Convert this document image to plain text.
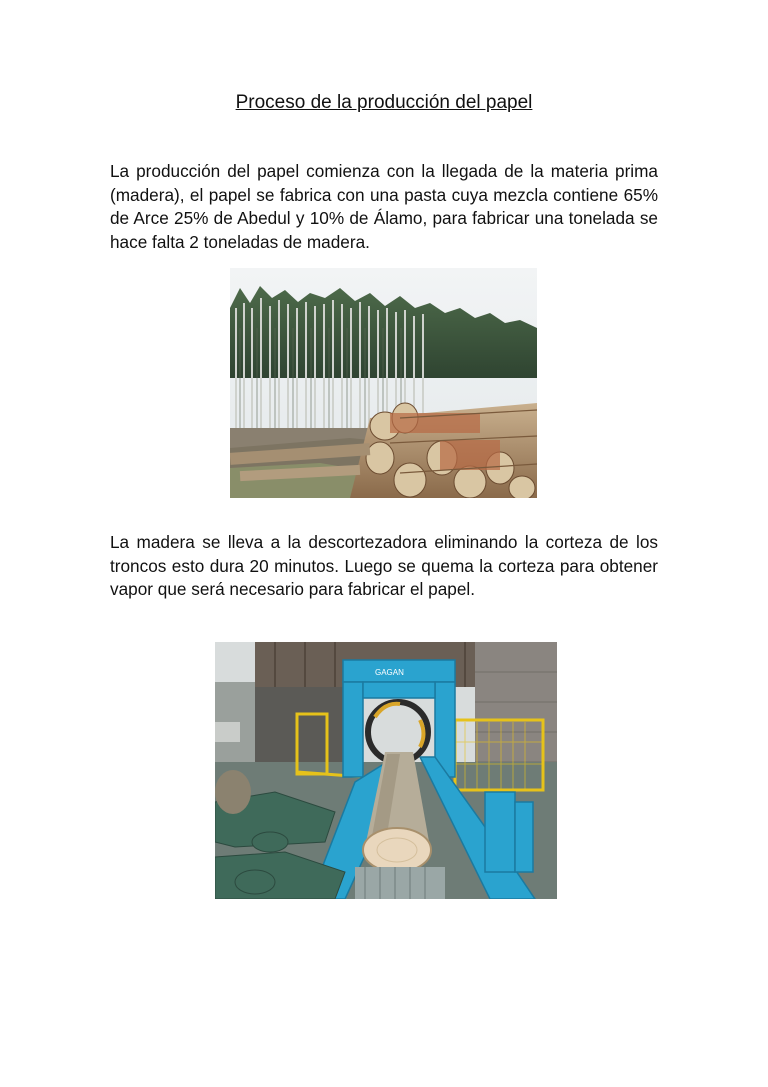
Proceso de la producción del papel

La producción del papel comienza con la llegada de la materia prima (madera), el papel se fabrica con una pasta cuya mezcla contiene 65% de Arce 25% de Abedul y 10% de Álamo, para fabricar una tonelada se hace falta 2 toneladas de madera.

La madera se lleva a la descortezadora eliminando la corteza de los troncos esto dura 20 minutos. Luego se quema la corteza para obtener vapor que será necesario para fabricar el papel.

GAGAN
